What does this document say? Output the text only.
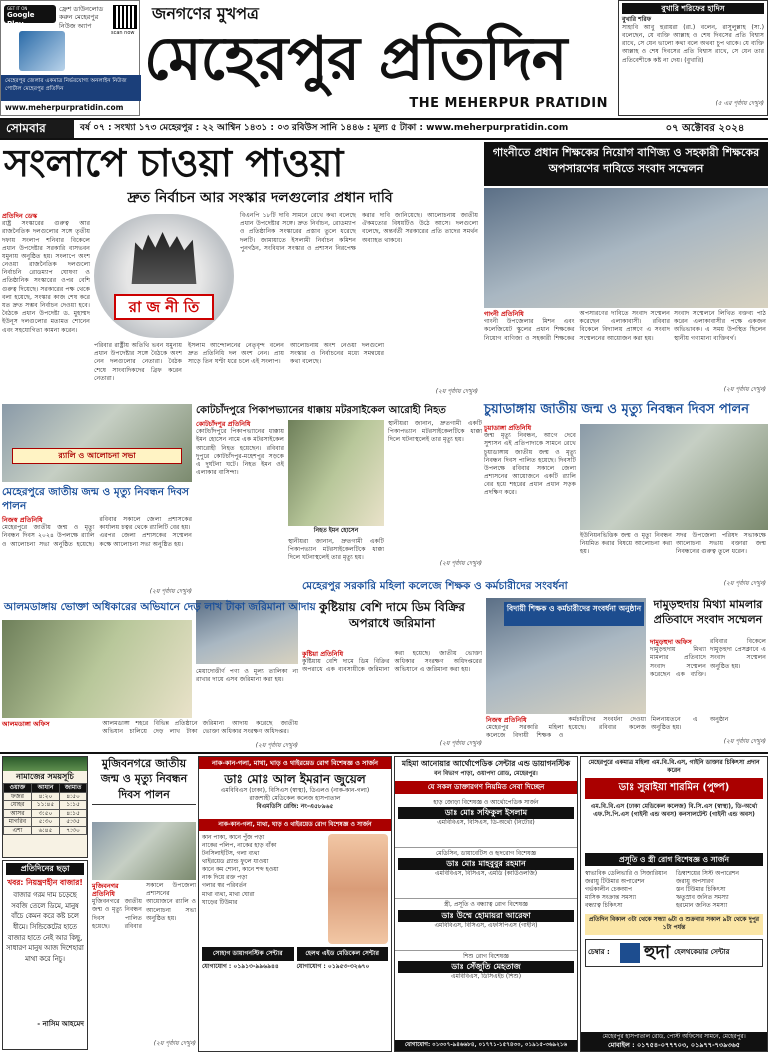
GET IT ON
Google Play
ফ্রেশ ডাউনলোড করুন মেহেরপুর নিউজ অ্যাপ
scan now
মেহেরপুর জেলার একমাত্র নির্ভরযোগ্য অনলাইন নিউজ পোর্টাল মেহেরপুর প্রতিদিন
www.meherpurpratidin.com
জনগণের মুখপত্র
মেহেরপুর প্রতিদিন
THE MEHERPUR PRATIDIN
বুখারি শরিফের হাদিস
বুখারি শরিফ
সাহাবি আবু হুরায়রা (রা.) বলেন, রাসুলুল্লাহ (সা.) বলেছেন, যে ব্যক্তি আল্লাহ ও শেষ দিবসের প্রতি বিশ্বাস রাখে, সে যেন ভালো কথা বলে অথবা চুপ থাকে। যে ব্যক্তি আল্লাহ ও শেষ দিবসের প্রতি বিশ্বাস রাখে, সে যেন তার প্রতিবেশীকে কষ্ট না দেয়। (বুখারি)
(৫ এর পৃষ্ঠায় দেখুন)
সোমবার	বর্ষ ০৭ : সংখ্যা ১৭৩ মেহেরপুর : ২২ আশ্বিন ১৪৩১ : ০৩ রবিউস সানি ১৪৪৬ : মূল্য ৫ টাকা : www.meherpurpratidin.com	০৭ অক্টোবর ২০২৪
সংলাপে চাওয়া পাওয়া
দ্রুত নির্বাচন আর সংস্কার দলগুলোর প্রধান দাবি
প্রতিদিন ডেস্ক
রাষ্ট্র সংস্কারের গুরুত্ব আর রাজনৈতিক দলগুলোর সঙ্গে তৃতীয় দফায় সংলাপ শনিবার বিকেলে প্রধান উপদেষ্টার সরকারি বাসভবন যমুনায় অনুষ্ঠিত হয়। সংলাপে অংশ নেওয়া রাজনৈতিক দলগুলো নির্বাচনি রোডম্যাপ ঘোষণা ও প্রতিষ্ঠানিক সংস্কারের ওপর বেশি গুরুত্ব দিয়েছে। সরকারের পক্ষ থেকে বলা হয়েছে, সংস্কার কাজ শেষ করে যত দ্রুত সম্ভব নির্বাচন দেওয়া হবে। বৈঠকে প্রধান উপদেষ্টা ড. মুহাম্মদ ইউনূস দলগুলোর মতামত শোনেন এবং সহযোগিতা কামনা করেন।
রা জ নী তি
বিএনপি ১৮টি দাবি সামনে রেখে কথা বলেছে প্রধান উপদেষ্টার সঙ্গে। দ্রুত নির্বাচন, রোডম্যাপ ও প্রতিষ্ঠানিক সংস্কারের প্রস্তাব তুলে ধরেছে দলটি। জামায়াতে ইসলামী নির্বাচন কমিশন পুনর্গঠন, সংবিধান সংস্কার ও প্রশাসন নিরপেক্ষ করার দাবি জানিয়েছে। আলোচনায় জাতীয় ঐকমত্যের বিষয়টিও উঠে আসে। দলগুলো বলেছে, অন্তর্বর্তী সরকারের প্রতি তাদের সমর্থন অব্যাহত থাকবে।
পরিবার রাষ্ট্রীয় অতিথি ভবন যমুনায় প্রধান উপদেষ্টার সঙ্গে বৈঠকে অংশ নেন দলগুলোর নেতারা। বৈঠক শেষে সাংবাদিকদের ব্রিফ করেন নেতারা।
ইসলাম আন্দোলনের নেতৃবৃন্দ বলেন দ্রুত প্রতিনিধি দল অংশ নেন। প্রায় সাড়ে তিন ঘণ্টা ধরে চলে এই সংলাপ।
আলোচনায় অংশ নেওয়া দলগুলো সংস্কার ও নির্বাচনের মধ্যে সমন্বয়ের কথা বলেছে।
(২য় পৃষ্ঠায় দেখুন)
গাংনীতে প্রধান শিক্ষকের নিয়োগ বাণিজ্য ও সহকারী শিক্ষকের অপসারণের দাবিতে সংবাদ সম্মেলন
গাংনী প্রতিনিধি
গাংনী উপজেলার মিশন এবং কলেজিয়েট স্কুলের প্রধান শিক্ষকের নিয়োগ বাণিজ্য ও সহকারী শিক্ষকের অপসারণের দাবিতে সংবাদ সম্মেলন করেছেন এলাকাবাসী। রবিবার বিকেলে বিদ্যালয় প্রাঙ্গণে এ সংবাদ সম্মেলনের আয়োজন করা হয়।
সংবাদ সম্মেলনে লিখিত বক্তব্য পাঠ করেন এলাকাবাসীর পক্ষে একজন অভিভাবক। এ সময় উপস্থিত ছিলেন স্থানীয় গণ্যমান্য ব্যক্তিবর্গ।
(২য় পৃষ্ঠায় দেখুন)
চুয়াডাঙ্গায় জাতীয় জন্ম ও মৃত্যু নিবন্ধন দিবস পালন
চুয়াডাঙ্গা প্রতিনিধি
জন্ম মৃত্যু নিবন্ধন, আগে দেবে সুশাসন এই প্রতিপাদ্যকে সামনে রেখে চুয়াডাঙ্গায় জাতীয় জন্ম ও মৃত্যু নিবন্ধন দিবস পালিত হয়েছে। দিবসটি উপলক্ষে রবিবার সকালে জেলা প্রশাসনের আয়োজনে একটি র‍্যালি বের হয়ে শহরের প্রধান প্রধান সড়ক প্রদক্ষিণ করে।
ইউনিয়নভিত্তিক জন্ম ও মৃত্যু নিবন্ধন নিয়মিত করার বিষয়ে আলোচনা করা হয়।
সদর উপজেলা পরিষদ সভাকক্ষে আলোচনা সভায় বক্তারা জন্ম নিবন্ধনের গুরুত্ব তুলে ধরেন।
(২য় পৃষ্ঠায় দেখুন)
কোটচাঁদপুরে পিকাপভ্যানের ধাক্কায় মটরসাইকেল আরোহী নিহত
কোটচাঁদপুর প্রতিনিধি
কোটচাঁদপুরে পিকাপভ্যানের ধাক্কায় ইমন হোসেন নামে এক মটরসাইকেল আরোহী নিহত হয়েছেন। রবিবার দুপুরে কোটচাঁদপুর-মহেশপুর সড়কে এ দুর্ঘটনা ঘটে। নিহত ইমন ওই এলাকার বাসিন্দা।
নিহত ইমন হোসেন
স্থানীয়রা জানান, দ্রুতগামী একটি পিকাপভ্যান মটরসাইকেলটিকে ধাক্কা দিলে ঘটনাস্থলেই তার মৃত্যু হয়।
স্থানীয়রা জানান, দ্রুতগামী একটি পিকাপভ্যান মটরসাইকেলটিকে ধাক্কা দিলে ঘটনাস্থলেই তার মৃত্যু হয়।
(২য় পৃষ্ঠায় দেখুন)
র‍্যালি ও আলোচনা সভা
মেহেরপুরে জাতীয় জন্ম ও মৃত্যু নিবন্ধন দিবস পালন
নিজস্ব প্রতিনিধি
মেহেরপুরে জাতীয় জন্ম ও মৃত্যু নিবন্ধন দিবস ২০২৪ উপলক্ষে র‍্যালি ও আলোচনা সভা অনুষ্ঠিত হয়েছে। রবিবার সকালে জেলা প্রশাসকের কার্যালয় চত্বর থেকে র‍্যালিটি বের হয়।
এরপর জেলা প্রশাসকের সম্মেলন কক্ষে আলোচনা সভা অনুষ্ঠিত হয়।
(২য় পৃষ্ঠায় দেখুন)
কুষ্টিয়ায় বেশি দামে ডিম বিক্রির অপরাধে জরিমানা
কুষ্টিয়া প্রতিনিধি
কুষ্টিয়ায় বেশি দামে ডিম বিক্রির অপরাধে এক ব্যবসায়ীকে জরিমানা করা হয়েছে। জাতীয় ভোক্তা অধিকার সংরক্ষণ অধিদপ্তরের অভিযানে এ জরিমানা করা হয়।
(২য় পৃষ্ঠায় দেখুন)
আলমডাঙ্গায় ভোক্তা অধিকারের অভিযানে দেড় লাখ টাকা জরিমানা আদায়
মেয়াদোত্তীর্ণ পণ্য ও মূল্য তালিকা না রাখার দায়ে এসব জরিমানা করা হয়।
আলমডাঙ্গা অফিস	আলমডাঙ্গা শহরে বিভিন্ন প্রতিষ্ঠানে অভিযান চালিয়ে দেড় লাখ টাকা জরিমানা আদায় করেছে জাতীয় ভোক্তা অধিকার সংরক্ষণ অধিদপ্তর।
(২য় পৃষ্ঠায় দেখুন)
মেহেরপুর সরকারি মহিলা কলেজে শিক্ষক ও কর্মচারীদের সংবর্ধনা
বিদায়ী শিক্ষক ও কর্মচারীদের সংবর্ধনা অনুষ্ঠান
নিজস্ব প্রতিনিধি
মেহেরপুর সরকারি মহিলা কলেজে বিদায়ী শিক্ষক ও কর্মচারীদের সংবর্ধনা দেওয়া হয়েছে। রবিবার কলেজ মিলনায়তনে এ অনুষ্ঠান অনুষ্ঠিত হয়।
দামুড়হুদায় মিথ্যা মামলার প্রতিবাদে সংবাদ সম্মেলন
দামুড়হুদা অফিস
দামুড়হুদায় মিথ্যা মামলার প্রতিবাদে সংবাদ সম্মেলন করেছেন এক ব্যক্তি। রবিবার বিকেলে দামুড়হুদা প্রেসক্লাবে এ সংবাদ সম্মেলন অনুষ্ঠিত হয়।
(২য় পৃষ্ঠায় দেখুন)
নামাজের সময়সূচি
ওয়াক্ত	আযান	জামাত
ফজর	৪:২০	৪:৫০
যোহর	১১:৪৫	১:১৫
আসর	৩:৫০	৪:১৫
মাগরিব	৫:৩০	৫:৩৫
এশা	৬:৪৫	৭:৩০
প্রতিদিনের ছড়া
খবর: নিয়ন্ত্রণহীন বাজার!
বাজার গরম দাম চড়েছে সবজি তেলে ডিমে, মানুষ বাঁচে কেমন করে কষ্ট চলে ধীমে। সিন্ডিকেটের হাতে বাজার হাতে নেই আর কিছু, সাধারণ মানুষ আজ দিশেহারা মাথা করে নিচু।
- নাসিম আহমেদ
মুজিবনগরে জাতীয় জন্ম ও মৃত্যু নিবন্ধন দিবস পালন
মুজিবনগর প্রতিনিধি
মুজিবনগরে জাতীয় জন্ম ও মৃত্যু নিবন্ধন দিবস পালিত হয়েছে। রবিবার সকালে উপজেলা প্রশাসনের আয়োজনে র‍্যালি ও আলোচনা সভা অনুষ্ঠিত হয়।
(২য় পৃষ্ঠায় দেখুন)
নাক-কান-গলা, মাথা, ঘাড় ও থাইরয়েড রোগ বিশেষজ্ঞ ও সার্জন
ডাঃ মোঃ আল ইমরান জুয়েল
এমবিবিএস (ঢাকা), বিসিএস (স্বাস্থ্য), ডিএলও (নাক-কান-গলা)
রাজশাহী মেডিকেল কলেজ হাসপাতাল
বিএমডিসি রেজি: নং-এ৫৮৯৬৫
নাক-কান-গলা, মাথা, ঘাড় ও থাইরয়েড রোগ বিশেষজ্ঞ ও সার্জন
কান পাকা, কানে পুঁজ পড়া
নাকের পলিপ, নাকের হাড় বাঁকা
টনসিলাইটিস, গলা ব্যথা
থাইরয়েড গ্ল্যান্ড ফুলে যাওয়া
কানে কম শোনা, কানে শব্দ হওয়া
নাক দিয়ে রক্ত পড়া
গলার স্বর পরিবর্তন
মাথা ব্যথা, মাথা ঘোরা
ঘাড়ের টিউমার
সোহাগ ডায়াগনস্টিক সেন্টার	হেলথ এইড মেডিকেল সেন্টার
যোগাযোগ : ০১৯১৩-৯৯৬৯৪৪	যোগাযোগ : ০১৯৫৩-৩২৬৭০
মহিমা আনোয়ার আর্থোপেডিক সেন্টার এন্ড ডায়াগনস্টিক
বন বিভাগ পাড়া, ওয়াপদা রোড, মেহেরপুর।
যে সকল ডাক্তারগণ নিয়মিত সেবা দিচ্ছেন
হাড় জোড়া বিশেষজ্ঞ ও আর্থোপেডিক সার্জন
ডাঃ মোঃ সফিকুল ইসলাম
এমবিবিএস, বিসিএস, ডি-অর্থো (নিটোর)
মেডিসিন, ডায়াবেটিস ও হৃদরোগ বিশেষজ্ঞ
ডাঃ মোঃ মাহবুবুর রহমান
এমবিবিএস, বিসিএস, এমডি (কার্ডিওলজি)
স্ত্রী, প্রসূতি ও বন্ধ্যাত্ব রোগ বিশেষজ্ঞ
ডাঃ উম্মে হোমায়রা আরেফা
এমবিবিএস, বিসিএস, এফসিপিএস (গাইনি)
শিশু রোগ বিশেষজ্ঞ
ডাঃ সেঁজুতি মেহতাজ
এমবিবিএস, ডিসিএইচ (শিশু)
যোগাযোগ: ০১৩০৭-৯৪৬৬৮৪, ০১৭৭১-১৫৭৪৩০, ০১৯১৫-৩৬৯২১৬
মেহেরপুরে একমাত্র মহিলা এম.বি.বি.এস, গাইনি ডাক্তার চিকিৎসা প্রদান করেন
ডাঃ সুরাইয়া শারমিন (পুষ্প)
এম.বি.বি.এস (ঢাকা মেডিকেল কলেজ) বি.সি.এস (স্বাস্থ্য), ডি-অর্থো এফ.সি.পি.এস (গাইনী এন্ড অবস) কনসালটেন্ট (গাইনী এন্ড অবস)
প্রসূতি ও স্ত্রী রোগ বিশেষজ্ঞ ও সার্জন
স্বাভাবিক ডেলিভারি ও সিজারিয়ান
জরায়ু টিউমার অপারেশন
গর্ভকালীন চেকআপ
মাসিক সংক্রান্ত সমস্যা
বন্ধ্যাত্ব চিকিৎসা
ডিম্বাশয়ের সিস্ট অপারেশন
জরায়ু অপসারণ
স্তন টিউমার চিকিৎসা
ঋতুস্রাব জনিত সমস্যা
হরমোন জনিত সমস্যা
প্রতিদিন বিকাল ৩টা থেকে সন্ধ্যা ৬টা ও শুক্রবার সকাল ৯টা থেকে দুপুর ১টা পর্যন্ত
চেম্বার :	হুদা হেলথকেয়ার সেন্টার
মেহেরপুর হাসপাতাল রোড, পোস্ট অফিসের সামনে, মেহেরপুর।
মোবাইল : ০১৭৫৪-০৭৭৭০৩, ০১৯৭৭-৭৩৯৩৬৫
